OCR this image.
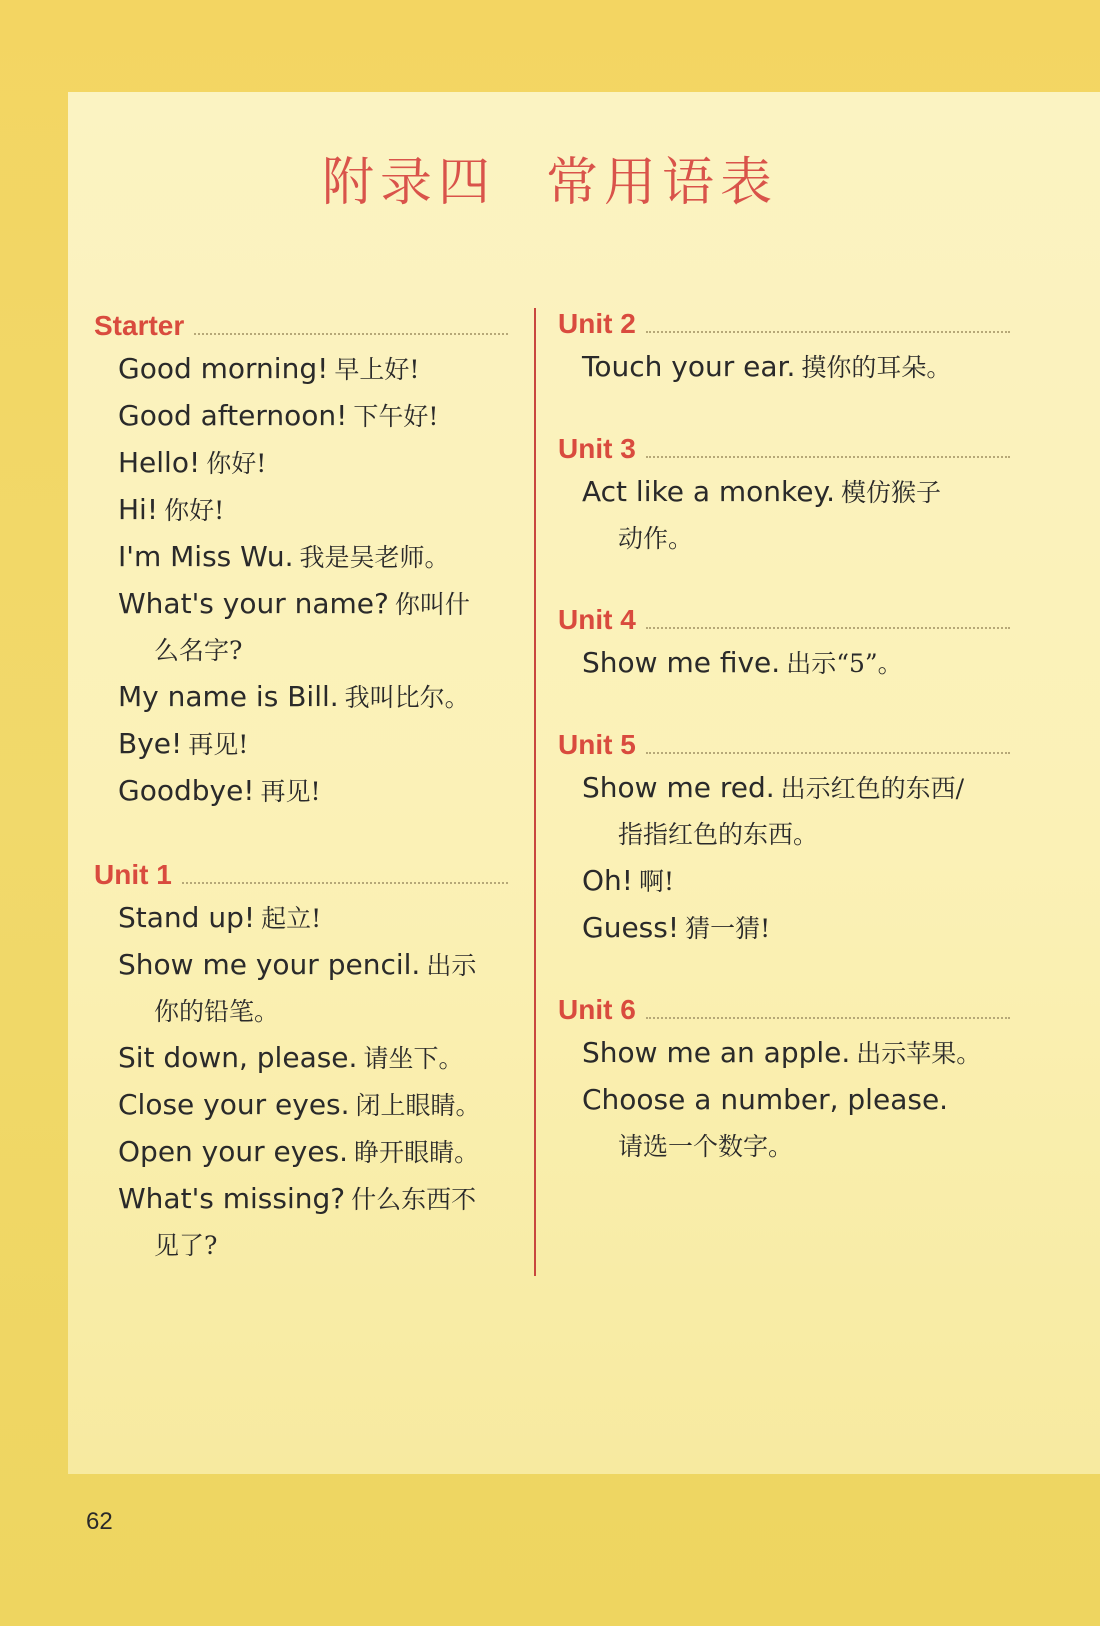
附录四 常用语表
Starter
Good morning! 早上好!
Good afternoon! 下午好!
Hello! 你好!
Hi! 你好!
I'm Miss Wu. 我是吴老师。
What's your name? 你叫什
么名字?
My name is Bill. 我叫比尔。
Bye! 再见!
Goodbye! 再见!
Unit 1
Stand up! 起立!
Show me your pencil. 出示
你的铅笔。
Sit down, please. 请坐下。
Close your eyes. 闭上眼睛。
Open your eyes. 睁开眼睛。
What's missing? 什么东西不
见了?
Unit 2
Touch your ear. 摸你的耳朵。
Unit 3
Act like a monkey. 模仿猴子
动作。
Unit 4
Show me five. 出示“5”。
Unit 5
Show me red. 出示红色的东西/
指指红色的东西。
Oh! 啊!
Guess! 猜一猜!
Unit 6
Show me an apple. 出示苹果。
Choose a number, please.
请选一个数字。
62
